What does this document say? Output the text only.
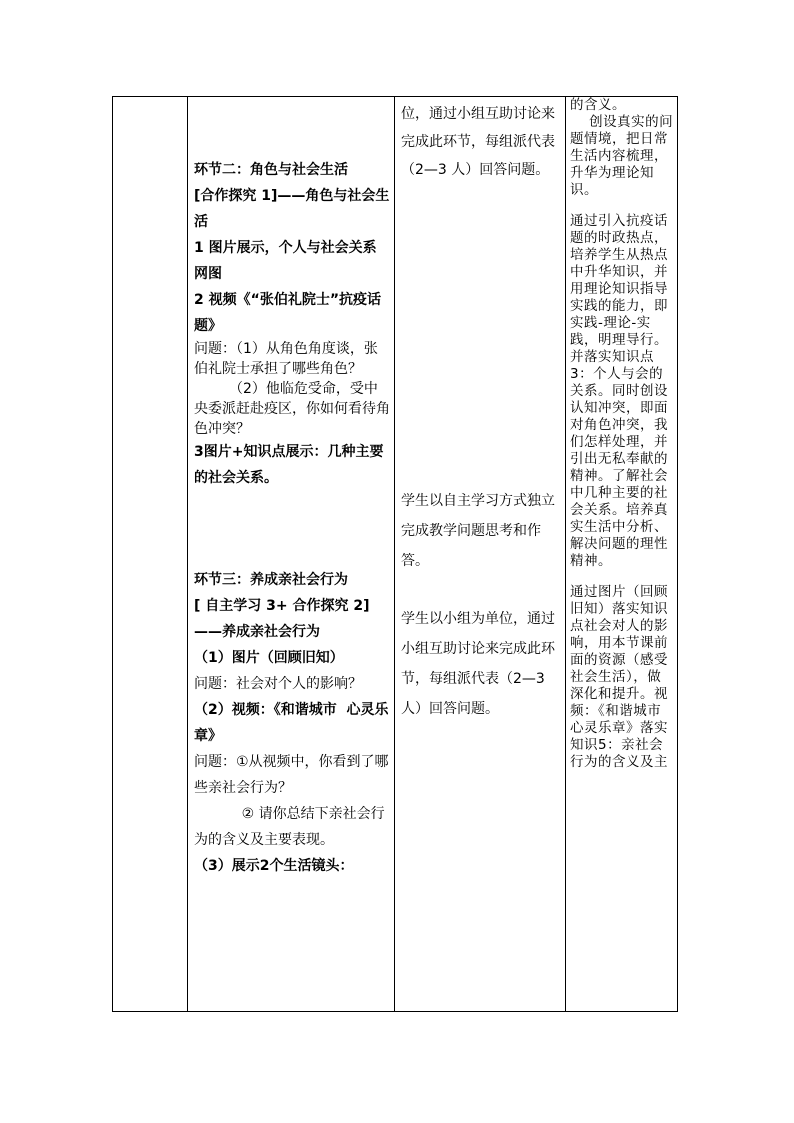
环节二：角色与社会生活

[合作探究 1]——角色与社会生活

1 图片展示，个人与社会关系网图

2 视频《“张伯礼院士”抗疫话题》

问题：（1）从角色角度谈，张伯礼院士承担了哪些角色？

（2）他临危受命，受中央委派赶赴疫区，你如何看待角色冲突？

3图片+知识点展示：几种主要的社会关系。

环节三：养成亲社会行为

[ 自主学习 3+ 合作探究 2]——养成亲社会行为

（1）图片（回顾旧知）

问题：社会对个人的影响？

（2）视频：《和谐城市  心灵乐章》

问题：①从视频中，你看到了哪些亲社会行为？

② 请你总结下亲社会行为的含义及主要表现。

（3）展示2个生活镜头：

位，通过小组互助讨论来完成此环节，每组派代表（2—3 人）回答问题。

学生以自主学习方式独立完成教学问题思考和作答。

学生以小组为单位，通过小组互助讨论来完成此环节，每组派代表（2—3 人）回答问题。

的含义。

创设真实的问题情境，把日常生活内容梳理，升华为理论知识。

通过引入抗疫话题的时政热点，培养学生从热点中升华知识，并用理论知识指导实践的能力，即实践-理论-实践，明理导行。并落实知识点3：个人与会的关系。同时创设认知冲突，即面对角色冲突，我们怎样处理，并引出无私奉献的精神。了解社会中几种主要的社会关系。培养真实生活中分析、解决问题的理性精神。

通过图片（回顾旧知）落实知识点社会对人的影响，用本节课前面的资源（感受社会生活），做深化和提升。视频：《和谐城市  心灵乐章》落实知识5：亲社会行为的含义及主
